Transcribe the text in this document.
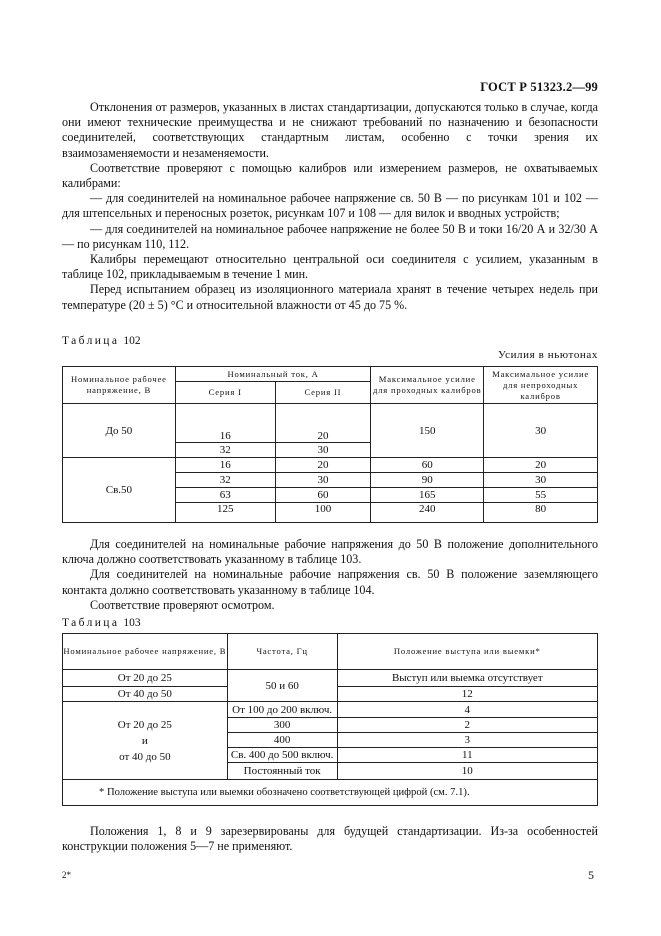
ГОСТ Р 51323.2—99

Отклонения от размеров, указанных в листах стандартизации, допускаются только в случае, когда они имеют технические преимущества и не снижают требований по назначению и безопасности соединителей, соответствующих стандартным листам, особенно с точки зрения их взаимозаменяемости и незаменяемости.

Соответствие проверяют с помощью калибров или измерением размеров, не охватываемых калибрами:

— для соединителей на номинальное рабочее напряжение св. 50 В — по рисункам 101 и 102 — для штепсельных и переносных розеток, рисункам 107 и 108 — для вилок и вводных устройств;

— для соединителей на номинальное рабочее напряжение не более 50 В и токи 16/20 А и 32/30 А — по рисункам 110, 112.

Калибры перемещают относительно центральной оси соединителя с усилием, указанным в таблице 102, прикладываемым в течение 1 мин.

Перед испытанием образец из изоляционного материала хранят в течение четырех недель при температуре (20 ± 5) °С и относительной влажности от 45 до 75 %.

Таблица 102
Усилия в ньютонах
Номинальное рабочее напряжение, В	Номинальный ток, А		Максимальное усилие для проходных калибров	Максимальное усилие для непроходных калибров
	Серия I	Серия II		
До 50	16	20	150	30
	32	30		
Св.50	16	20	60	20
	32	30	90	30
	63	60	165	55
	125	100	240	80

Для соединителей на номинальные рабочие напряжения до 50 В положение дополнительного ключа должно соответствовать указанному в таблице 103.

Для соединителей на номинальные рабочие напряжения св. 50 В положение заземляющего контакта должно соответствовать указанному в таблице 104.

Соответствие проверяют осмотром.

Таблица 103
Номинальное рабочее напряжение, В	Частота, Гц	Положение выступа или выемки*
От 20 до 25	50 и 60	Выступ или выемка отсутствует
От 40 до 50		12

От 20 до 25
и
от 40 до 50	От 100 до 200 включ.	4
	300	2
	400	3
	Св. 400 до 500 включ.	11
	Постоянный ток	10
* Положение выступа или выемки обозначено соответствующей цифрой (см. 7.1).		

Положения 1, 8 и 9 зарезервированы для будущей стандартизации. Из-за особенностей конструкции положения 5—7 не применяют.

2*	5
